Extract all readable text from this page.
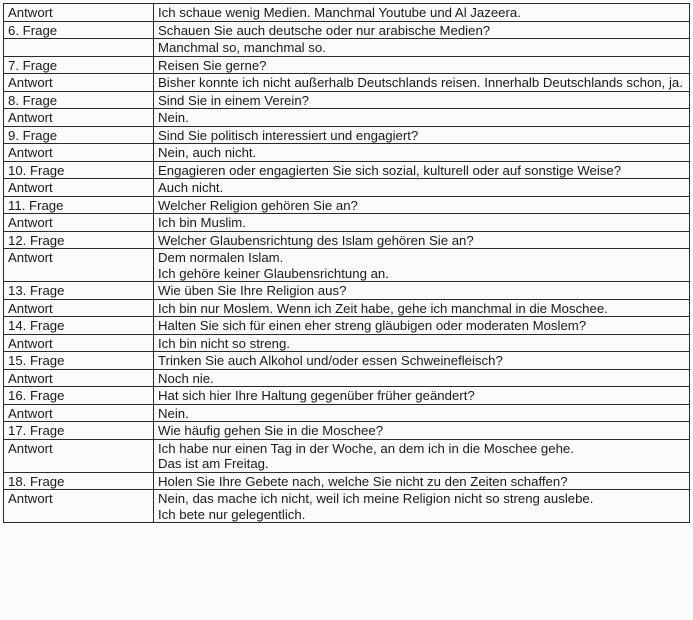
Antwort	Ich schaue wenig Medien. Manchmal Youtube und Al Jazeera.

6. Frage	Schauen Sie auch deutsche oder nur arabische Medien?

	Manchmal so, manchmal so.

7. Frage	Reisen Sie gerne?

Antwort	Bisher konnte ich nicht außerhalb Deutschlands reisen. Innerhalb Deutschlands schon, ja.

8. Frage	Sind Sie in einem Verein?

Antwort	Nein.

9. Frage	Sind Sie politisch interessiert und engagiert?

Antwort	Nein, auch nicht.

10. Frage	Engagieren oder engagierten Sie sich sozial, kulturell oder auf sonstige Weise?

Antwort	Auch nicht.

11. Frage	Welcher Religion gehören Sie an?

Antwort	Ich bin Muslim.

12. Frage	Welcher Glaubensrichtung des Islam gehören Sie an?

Antwort	Dem normalen Islam.
Ich gehöre keiner Glaubensrichtung an.

13. Frage	Wie üben Sie Ihre Religion aus?

Antwort	Ich bin nur Moslem. Wenn ich Zeit habe, gehe ich manchmal in die Moschee.

14. Frage	Halten Sie sich für einen eher streng gläubigen oder moderaten Moslem?

Antwort	Ich bin nicht so streng.

15. Frage	Trinken Sie auch Alkohol und/oder essen Schweinefleisch?

Antwort	Noch nie.

16. Frage	Hat sich hier Ihre Haltung gegenüber früher geändert?

Antwort	Nein.

17. Frage	Wie häufig gehen Sie in die Moschee?

Antwort	Ich habe nur einen Tag in der Woche, an dem ich in die Moschee gehe.
Das ist am Freitag.

18. Frage	Holen Sie Ihre Gebete nach, welche Sie nicht zu den Zeiten schaffen?

Antwort	Nein, das mache ich nicht, weil ich meine Religion nicht so streng auslebe.
Ich bete nur gelegentlich.
